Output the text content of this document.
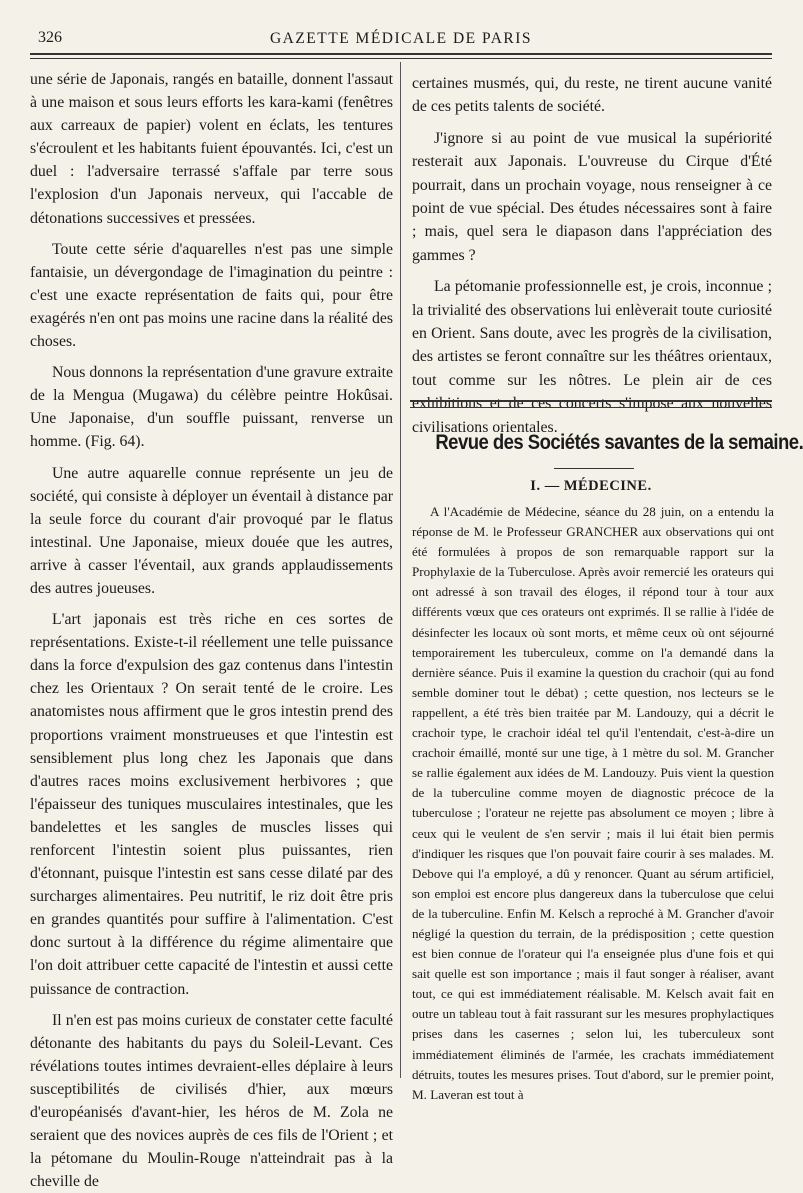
326	GAZETTE MÉDICALE DE PARIS

une série de Japonais, rangés en bataille, donnent l'assaut à une maison et sous leurs efforts les kara-kami (fenêtres aux carreaux de papier) volent en éclats, les tentures s'écroulent et les habitants fuient épouvantés. Ici, c'est un duel : l'adversaire terrassé s'affale par terre sous l'explosion d'un Japonais nerveux, qui l'accable de détonations successives et pressées.

Toute cette série d'aquarelles n'est pas une simple fantaisie, un dévergondage de l'imagination du peintre : c'est une exacte représentation de faits qui, pour être exagérés n'en ont pas moins une racine dans la réalité des choses.

Nous donnons la représentation d'une gravure extraite de la Mengua (Mugawa) du célèbre peintre Hokûsai. Une Japonaise, d'un souffle puissant, renverse un homme. (Fig. 64).

Une autre aquarelle connue représente un jeu de société, qui consiste à déployer un éventail à distance par la seule force du courant d'air provoqué par le flatus intestinal. Une Japonaise, mieux douée que les autres, arrive à casser l'éventail, aux grands applaudissements des autres joueuses.

L'art japonais est très riche en ces sortes de représentations. Existe-t-il réellement une telle puissance dans la force d'expulsion des gaz contenus dans l'intestin chez les Orientaux ? On serait tenté de le croire. Les anatomistes nous affirment que le gros intestin prend des proportions vraiment monstrueuses et que l'intestin est sensiblement plus long chez les Japonais que dans d'autres races moins exclusivement herbivores ; que l'épaisseur des tuniques musculaires intestinales, que les bandelettes et les sangles de muscles lisses qui renforcent l'intestin soient plus puissantes, rien d'étonnant, puisque l'intestin est sans cesse dilaté par des surcharges alimentaires. Peu nutritif, le riz doit être pris en grandes quantités pour suffire à l'alimentation. C'est donc surtout à la différence du régime alimentaire que l'on doit attribuer cette capacité de l'intestin et aussi cette puissance de contraction.

Il n'en est pas moins curieux de constater cette faculté détonante des habitants du pays du Soleil-Levant. Ces révélations toutes intimes devraient-elles déplaire à leurs susceptibilités de civilisés d'hier, aux mœurs d'européanisés d'avant-hier, les héros de M. Zola ne seraient que des novices auprès de ces fils de l'Orient ; et la pétomane du Moulin-Rouge n'atteindrait pas à la cheville de

certaines musmés, qui, du reste, ne tirent aucune vanité de ces petits talents de société.

J'ignore si au point de vue musical la supériorité resterait aux Japonais. L'ouvreuse du Cirque d'Été pourrait, dans un prochain voyage, nous renseigner à ce point de vue spécial. Des études nécessaires sont à faire ; mais, quel sera le diapason dans l'appréciation des gammes ?

La pétomanie professionnelle est, je crois, inconnue ; la trivialité des observations lui enlèverait toute curiosité en Orient. Sans doute, avec les progrès de la civilisation, des artistes se feront connaître sur les théâtres orientaux, tout comme sur les nôtres. Le plein air de ces exhibitions et de ces concerts s'impose aux nouvelles civilisations orientales.

Revue des Sociétés savantes de la semaine.
I. — MÉDECINE.

A l'Académie de Médecine, séance du 28 juin, on a entendu la réponse de M. le Professeur GRANCHER aux observations qui ont été formulées à propos de son remarquable rapport sur la Prophylaxie de la Tuberculose. Après avoir remercié les orateurs qui ont adressé à son travail des éloges, il répond tour à tour aux différents vœux que ces orateurs ont exprimés. Il se rallie à l'idée de désinfecter les locaux où sont morts, et même ceux où ont séjourné temporairement les tuberculeux, comme on l'a demandé dans la dernière séance. Puis il examine la question du crachoir (qui au fond semble dominer tout le débat) ; cette question, nos lecteurs se le rappellent, a été très bien traitée par M. Landouzy, qui a décrit le crachoir type, le crachoir idéal tel qu'il l'entendait, c'est-à-dire un crachoir émaillé, monté sur une tige, à 1 mètre du sol. M. Grancher se rallie également aux idées de M. Landouzy. Puis vient la question de la tuberculine comme moyen de diagnostic précoce de la tuberculose ; l'orateur ne rejette pas absolument ce moyen ; libre à ceux qui le veulent de s'en servir ; mais il lui était bien permis d'indiquer les risques que l'on pouvait faire courir à ses malades. M. Debove qui l'a employé, a dû y renoncer. Quant au sérum artificiel, son emploi est encore plus dangereux dans la tuberculose que celui de la tuberculine. Enfin M. Kelsch a reproché à M. Grancher d'avoir négligé la question du terrain, de la prédisposition ; cette question est bien connue de l'orateur qui l'a enseignée plus d'une fois et qui sait quelle est son importance ; mais il faut songer à réaliser, avant tout, ce qui est immédiatement réalisable. M. Kelsch avait fait en outre un tableau tout à fait rassurant sur les mesures prophylactiques prises dans les casernes ; selon lui, les tuberculeux sont immédiatement éliminés de l'armée, les crachats immédiatement détruits, toutes les mesures prises. Tout d'abord, sur le premier point, M. Laveran est tout à
